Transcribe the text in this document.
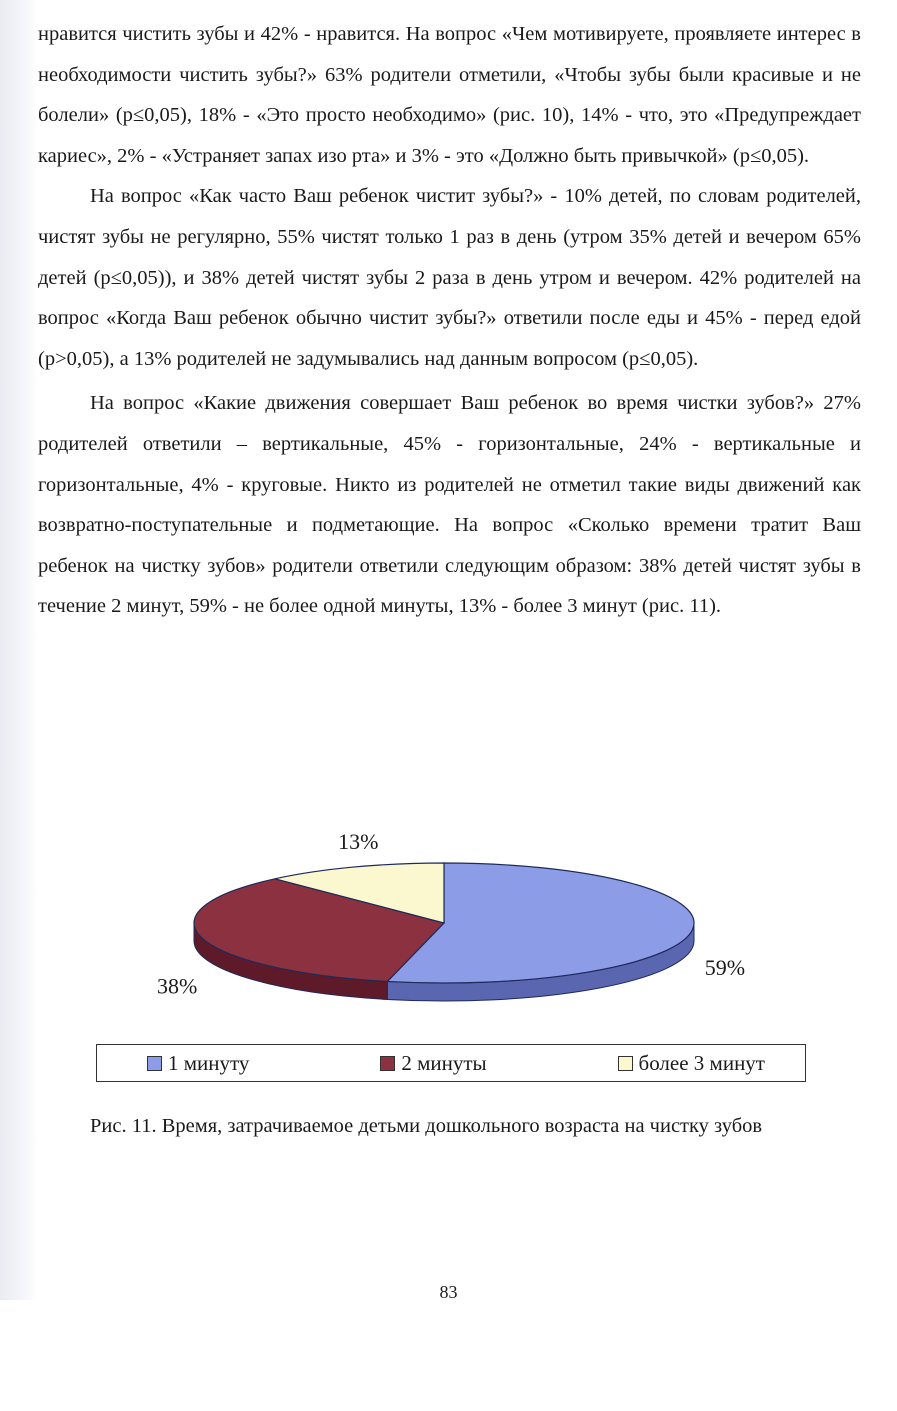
нравится чистить зубы и 42% - нравится. На вопрос «Чем мотивируете, проявляете интерес в необходимости чистить зубы?» 63% родители отметили, «Чтобы зубы были красивые и не болели» (р≤0,05), 18% - «Это просто необходимо» (рис. 10), 14% - что, это «Предупреждает кариес», 2% - «Устраняет запах изо рта» и 3% - это «Должно быть привычкой» (р≤0,05).

На вопрос «Как часто Ваш ребенок чистит зубы?» - 10% детей, по словам родителей, чистят зубы не регулярно, 55% чистят только 1 раз в день (утром 35% детей и вечером 65% детей (р≤0,05)), и 38% детей чистят зубы 2 раза в день утром и вечером. 42% родителей на вопрос «Когда Ваш ребенок обычно чистит зубы?» ответили после еды и 45% - перед едой (р>0,05), а 13% родителей не задумывались над данным вопросом (р≤0,05).

На вопрос «Какие движения совершает Ваш ребенок во время чистки зубов?» 27% родителей ответили – вертикальные, 45% - горизонтальные, 24% - вертикальные и горизонтальные, 4% - круговые. Никто из родителей не отметил такие виды движений как возвратно-поступательные и подметающие. На вопрос «Сколько времени тратит Ваш ребенок на чистку зубов» родители ответили следующим образом: 38% детей чистят зубы в течение 2 минут, 59% - не более одной минуты, 13% - более 3 минут (рис. 11).

59%
38%
13%
1 минуту	2 минуты	более 3 минут

Рис. 11. Время, затрачиваемое детьми дошкольного возраста на чистку зубов

83
